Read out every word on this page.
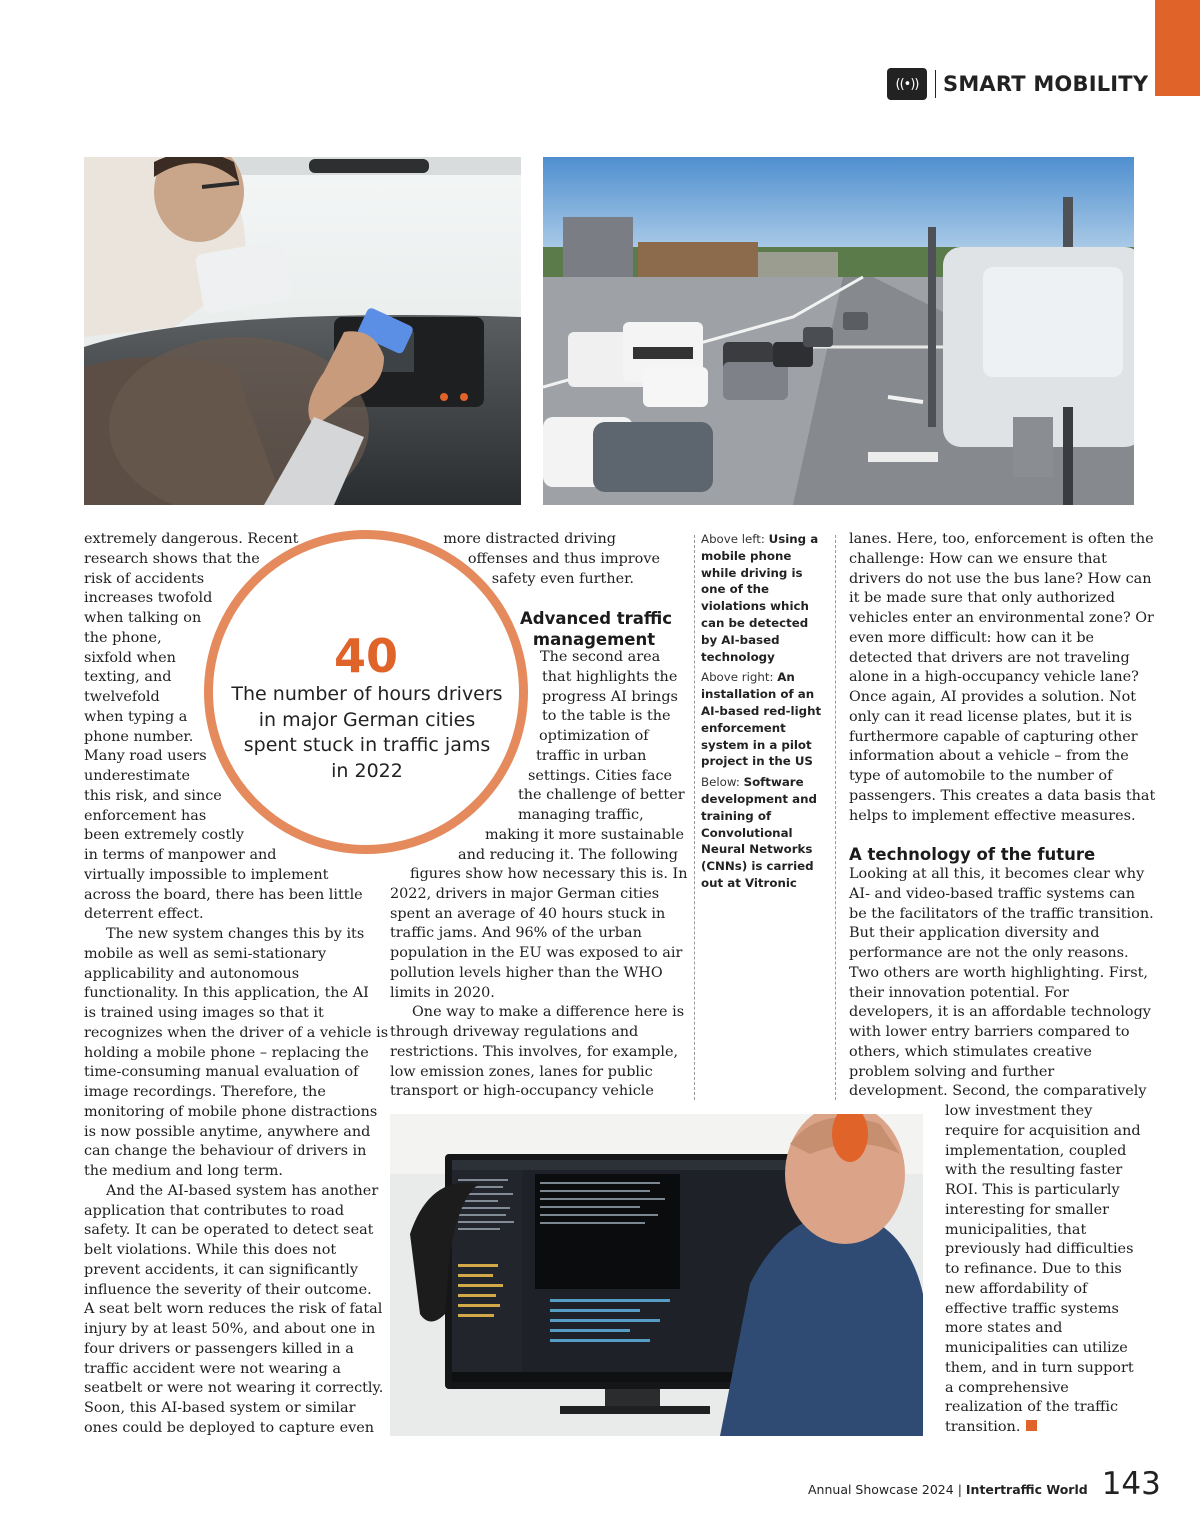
((•))	SMART MOBILITY
extremely dangerous. Recent
research shows that the
risk of accidents
increases twofold
when talking on
the phone,
sixfold when
texting, and
twelvefold
when typing a
phone number.
Many road users
underestimate
this risk, and since
enforcement has
been extremely costly
in terms of manpower and
virtually impossible to implement
across the board, there has been little
deterrent effect.
The new system changes this by its
mobile as well as semi-stationary
applicability and autonomous
functionality. In this application, the AI
is trained using images so that it
recognizes when the driver of a vehicle is
holding a mobile phone – replacing the
time-consuming manual evaluation of
image recordings. Therefore, the
monitoring of mobile phone distractions
is now possible anytime, anywhere and
can change the behaviour of drivers in
the medium and long term.
And the AI-based system has another
application that contributes to road
safety. It can be operated to detect seat
belt violations. While this does not
prevent accidents, it can significantly
influence the severity of their outcome.
A seat belt worn reduces the risk of fatal
injury by at least 50%, and about one in
four drivers or passengers killed in a
traffic accident were not wearing a
seatbelt or were not wearing it correctly.
Soon, this AI-based system or similar
ones could be deployed to capture even
40
The number of hours drivers
in major German cities
spent stuck in traffic jams
in 2022
more distracted driving
offenses and thus improve
safety even further.
Advanced traffic
management
The second area
that highlights the
progress AI brings
to the table is the
optimization of
traffic in urban
settings. Cities face
the challenge of better
managing traffic,
making it more sustainable
and reducing it. The following
figures show how necessary this is. In
2022, drivers in major German cities
spent an average of 40 hours stuck in
traffic jams. And 96% of the urban
population in the EU was exposed to air
pollution levels higher than the WHO
limits in 2020.
One way to make a difference here is
through driveway regulations and
restrictions. This involves, for example,
low emission zones, lanes for public
transport or high-occupancy vehicle

Above left: Using a mobile phone while driving is one of the violations which can be detected by AI-based technology

Above right: An installation of an AI-based red-light enforcement system in a pilot project in the US

Below: Software development and training of Convolutional Neural Networks (CNNs) is carried out at Vitronic

lanes. Here, too, enforcement is often the
challenge: How can we ensure that
drivers do not use the bus lane? How can
it be made sure that only authorized
vehicles enter an environmental zone? Or
even more difficult: how can it be
detected that drivers are not traveling
alone in a high-occupancy vehicle lane?
Once again, AI provides a solution. Not
only can it read license plates, but it is
furthermore capable of capturing other
information about a vehicle – from the
type of automobile to the number of
passengers. This creates a data basis that
helps to implement effective measures.
A technology of the future
Looking at all this, it becomes clear why
AI- and video-based traffic systems can
be the facilitators of the traffic transition.
But their application diversity and
performance are not the only reasons.
Two others are worth highlighting. First,
their innovation potential. For
developers, it is an affordable technology
with lower entry barriers compared to
others, which stimulates creative
problem solving and further
development. Second, the comparatively
low investment they
require for acquisition and
implementation, coupled
with the resulting faster
ROI. This is particularly
interesting for smaller
municipalities, that
previously had difficulties
to refinance. Due to this
new affordability of
effective traffic systems
more states and
municipalities can utilize
them, and in turn support
a comprehensive
realization of the traffic
transition.
Annual Showcase 2024 | Intertraffic World 143
